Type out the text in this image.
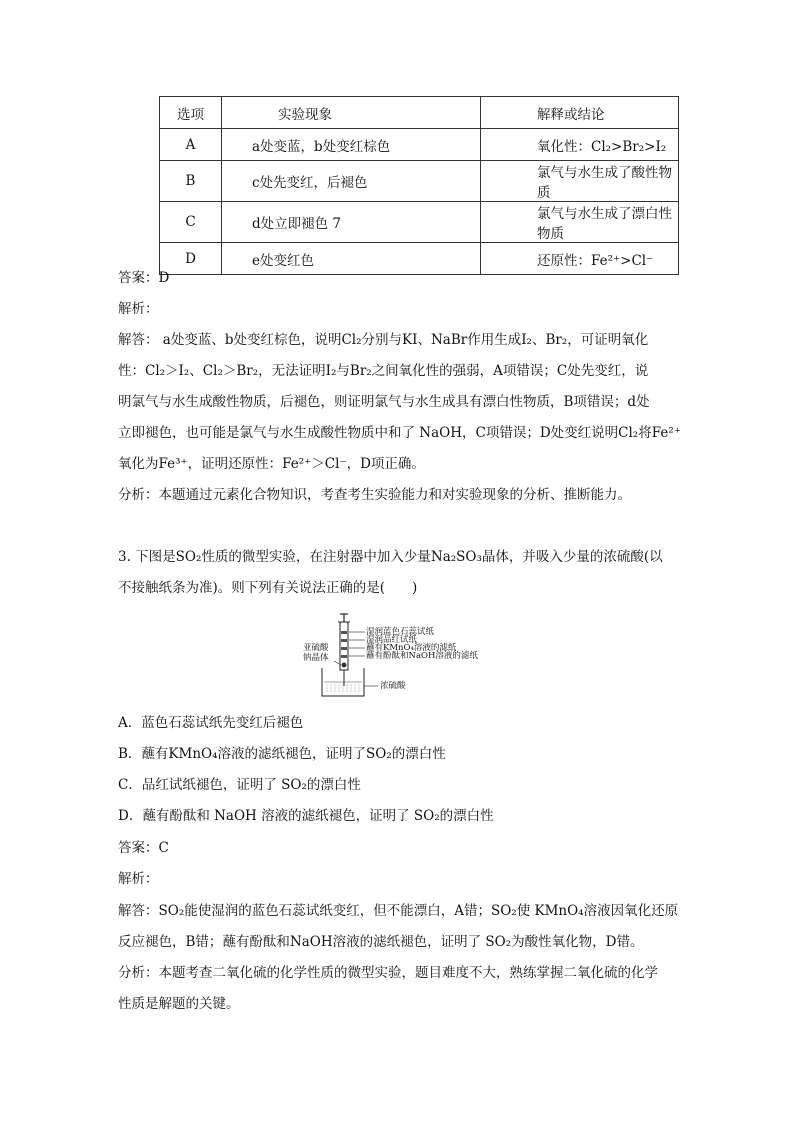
选项	实验现象	解释或结论
A	a处变蓝，b处变红棕色	氧化性：Cl₂>Br₂>I₂
B	c处先变红，后褪色	氯气与水生成了酸性物质
C	d处立即褪色 7	氯气与水生成了漂白性物质
D	e处变红色	还原性：Fe²⁺>Cl⁻
答案：D
解析：
解答： a处变蓝、b处变红棕色，说明Cl₂分别与KI、NaBr作用生成I₂、Br₂，可证明氧化
性：Cl₂＞I₂、Cl₂＞Br₂，无法证明I₂与Br₂之间氧化性的强弱，A项错误；C处先变红，说
明氯气与水生成酸性物质，后褪色，则证明氯气与水生成具有漂白性物质，B项错误；d处
立即褪色，也可能是氯气与水生成酸性物质中和了 NaOH，C项错误；D处变红说明Cl₂将Fe²⁺
氧化为Fe³⁺，证明还原性：Fe²⁺＞Cl⁻，D项正确。
分析：本题通过元素化合物知识，考查考生实验能力和对实验现象的分析、推断能力。
3. 下图是SO₂性质的微型实验，在注射器中加入少量Na₂SO₃晶体，并吸入少量的浓硫酸(以
不接触纸条为准)。则下列有关说法正确的是(　　)
湿润蓝色石蕊试纸
湿润品红试纸
蘸有KMnO₄溶液的滤纸
蘸有酚酞和NaOH溶液的滤纸
亚硫酸
钠晶体
浓硫酸
A．蓝色石蕊试纸先变红后褪色
B．蘸有KMnO₄溶液的滤纸褪色，证明了SO₂的漂白性
C．品红试纸褪色，证明了 SO₂的漂白性
D．蘸有酚酞和 NaOH 溶液的滤纸褪色，证明了 SO₂的漂白性
答案：C
解析：
解答：SO₂能使湿润的蓝色石蕊试纸变红，但不能漂白，A错；SO₂使 KMnO₄溶液因氧化还原
反应褪色，B错；蘸有酚酞和NaOH溶液的滤纸褪色，证明了 SO₂为酸性氧化物，D错。
分析：本题考查二氧化硫的化学性质的微型实验，题目难度不大，熟练掌握二氧化硫的化学
性质是解题的关键。
